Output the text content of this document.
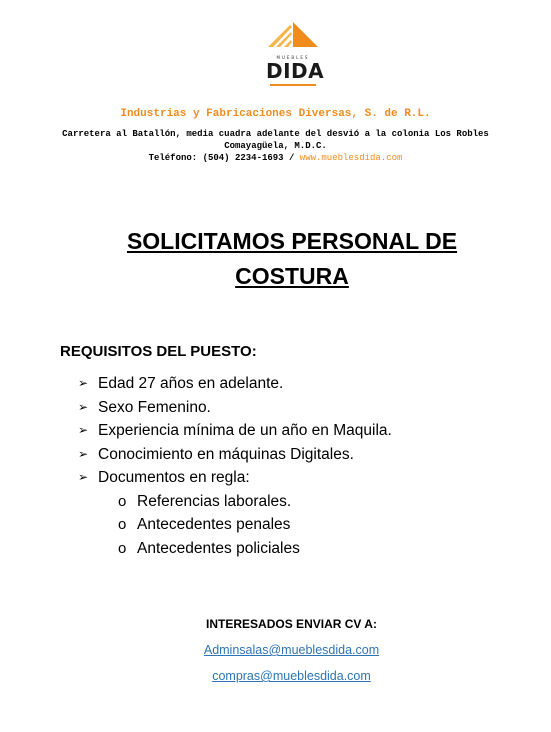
MUEBLES
DIDA
Industrias y Fabricaciones Diversas, S. de R.L.
Carretera al Batallón, media cuadra adelante del desvió a la colonia Los Robles
Comayagüela, M.D.C.
Teléfono: (504) 2234-1693 / www.mueblesdida.com
SOLICITAMOS PERSONAL DE
COSTURA
REQUISITOS DEL PUESTO:
➢ Edad 27 años en adelante.
➢ Sexo Femenino.
➢ Experiencia mínima de un año en Maquila.
➢ Conocimiento en máquinas Digitales.
➢ Documentos en regla:
o Referencias laborales.
o Antecedentes penales
o Antecedentes policiales
INTERESADOS ENVIAR CV A:
Adminsalas@mueblesdida.com
compras@mueblesdida.com
